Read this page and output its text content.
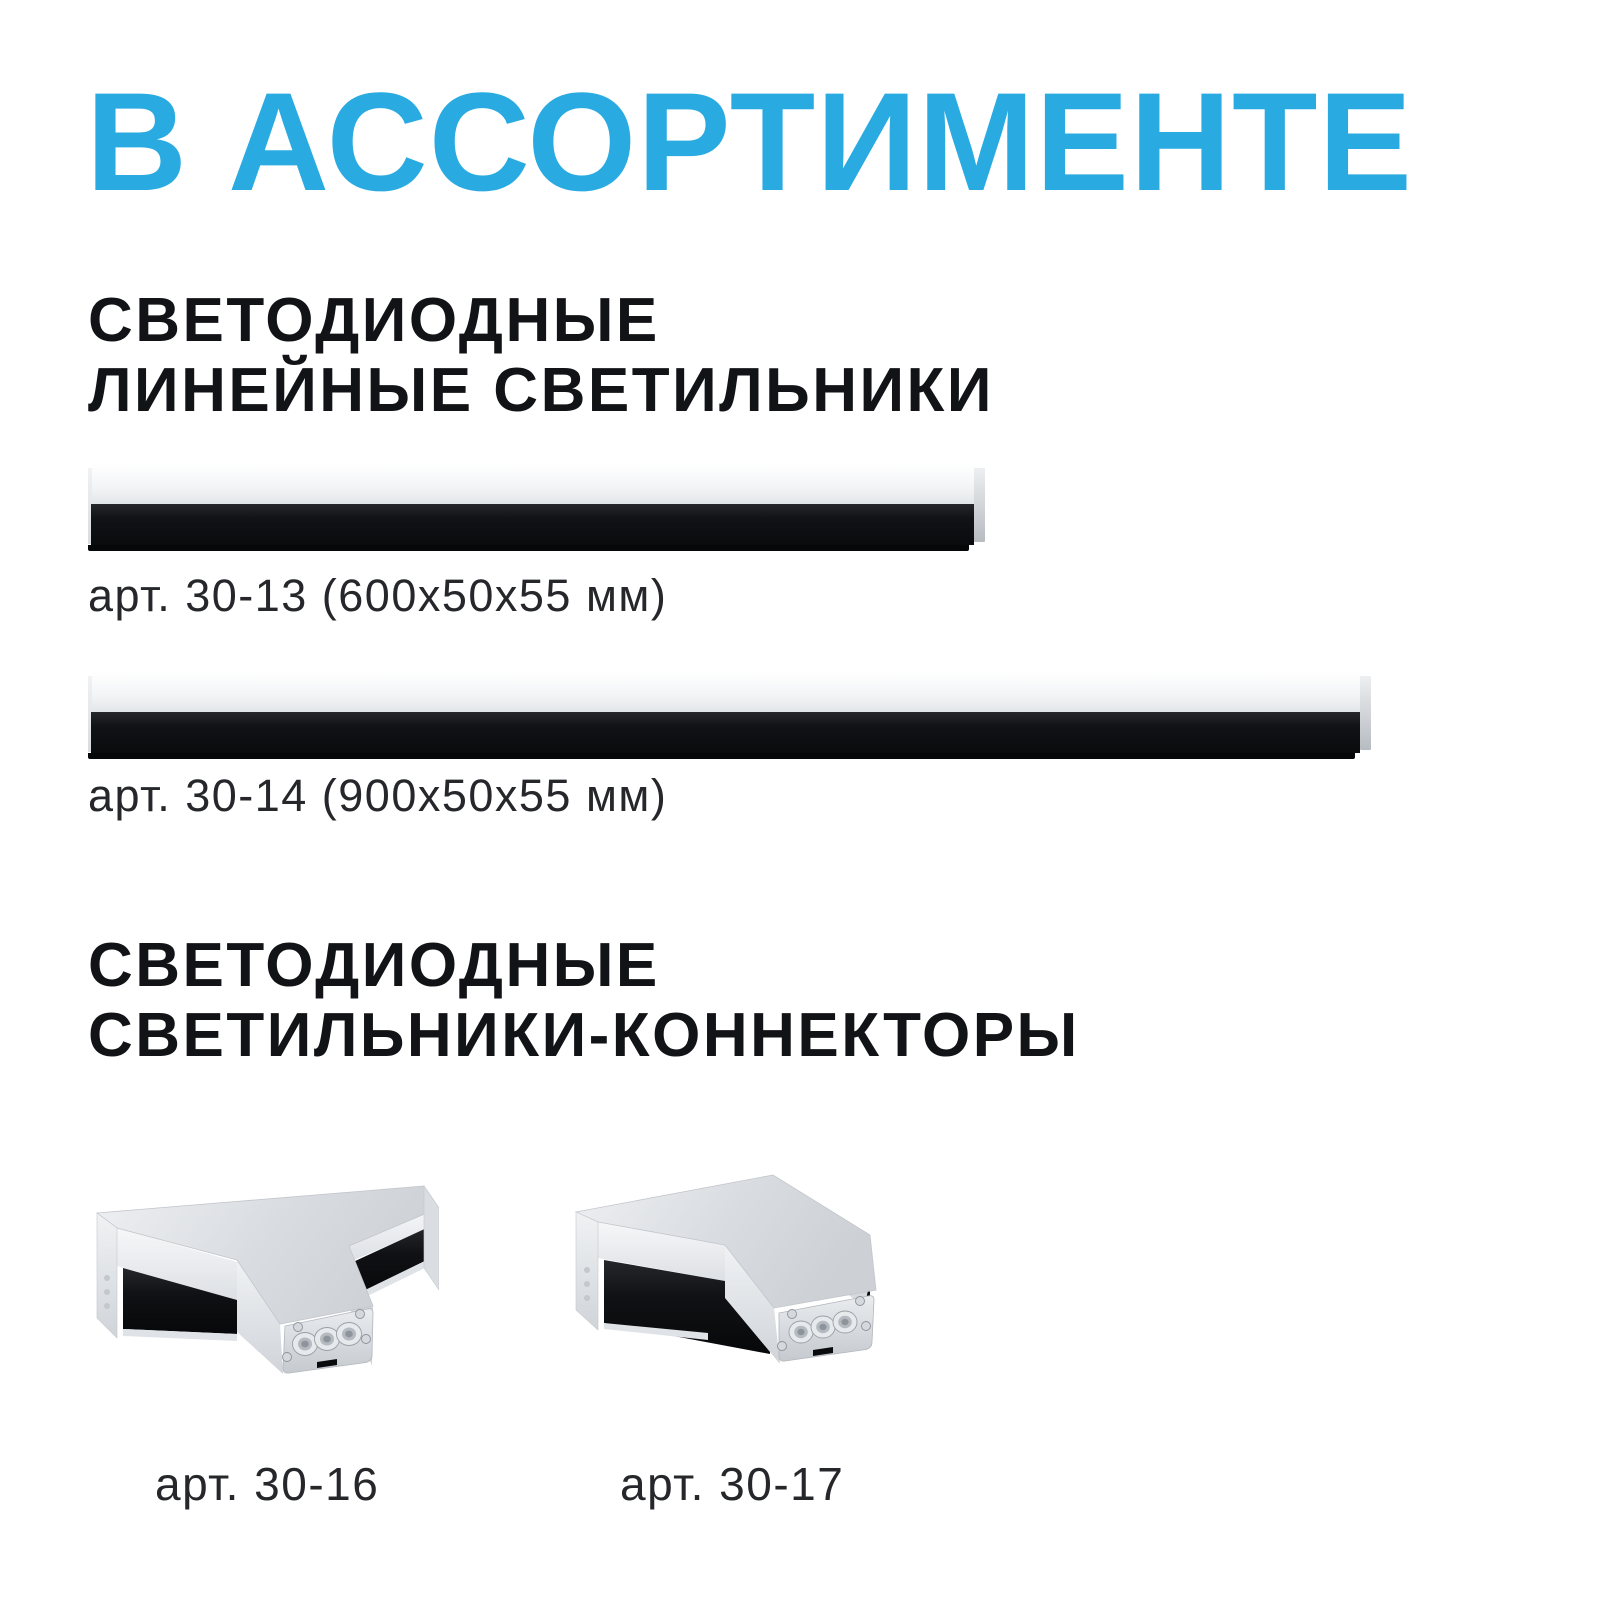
В АССОРТИМЕНТЕ
СВЕТОДИОДНЫЕ
ЛИНЕЙНЫЕ СВЕТИЛЬНИКИ
арт. 30-13 (600x50x55 мм)
арт. 30-14 (900x50x55 мм)
СВЕТОДИОДНЫЕ
СВЕТИЛЬНИКИ-КОННЕКТОРЫ
арт. 30-16	арт. 30-17
